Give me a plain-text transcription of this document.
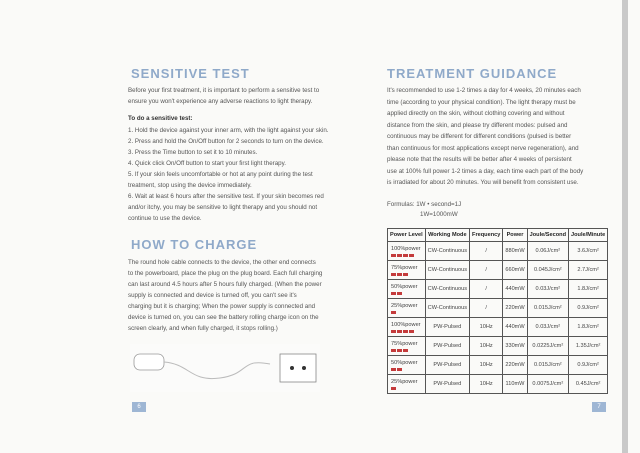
SENSITIVE TEST
Before your first treatment, it is important to perform a sensitive test to
ensure you won't experience any adverse reactions to light therapy.
To do a sensitive test:
1. Hold the device against your inner arm, with the light against your skin.
2. Press and hold the On/Off button for 2 seconds to turn on the device.
3. Press the Time button to set it to 10 minutes.
4. Quick click On/Off button to start your first light therapy.
5. If your skin feels uncomfortable or hot at any point during the test
treatment, stop using the device immediately.
6. Wait at least 6 hours after the sensitive test. If your skin becomes red
and/or itchy, you may be sensitive to light therapy and you should not
continue to use the device.
HOW TO CHARGE
The round hole cable connects to the device, the other end connects
to the powerboard, place the plug on the plug board. Each full charging
can last around 4.5 hours after 5 hours fully charged. (When the power
supply is connected and device is turned off, you can't see it's
charging but it is charging; When the power supply is connected and
device is turned on, you can see the battery rolling charge icon on the
screen clearly, and when fully charged, it stops rolling.)
6
TREATMENT GUIDANCE
It's recommended to use 1-2 times a day for 4 weeks, 20 minutes each
time (according to your physical condition). The light therapy must be
applied directly on the skin, without clothing covering and without
distance from the skin, and please try different modes: pulsed and
continuous may be different for different conditions (pulsed is better
than continuous for most applications except nerve regeneration), and
please note that the results will be better after 4 weeks of persistent
use at 100% full power 1-2 times a day, each time each part of the body
is irradiated for about 20 minutes. You will benefit from consistent use.
Formulas: 1W • second=1J
1W=1000mW
Power Level	Working Mode	Frequency	Power	Joule/Second	Joule/Minute
100%power	CW-Continuous	/	880mW	0.06J/cm²	3.6J/cm²
75%power	CW-Continuous	/	660mW	0.045J/cm²	2.7J/cm²
50%power	CW-Continuous	/	440mW	0.03J/cm²	1.8J/cm²
25%power	CW-Continuous	/	220mW	0.015J/cm²	0.9J/cm²
100%power	PW-Pulsed	10Hz	440mW	0.03J/cm²	1.8J/cm²
75%power	PW-Pulsed	10Hz	330mW	0.0225J/cm²	1.35J/cm²
50%power	PW-Pulsed	10Hz	220mW	0.015J/cm²	0.9J/cm²
25%power	PW-Pulsed	10Hz	110mW	0.0075J/cm²	0.45J/cm²
7
